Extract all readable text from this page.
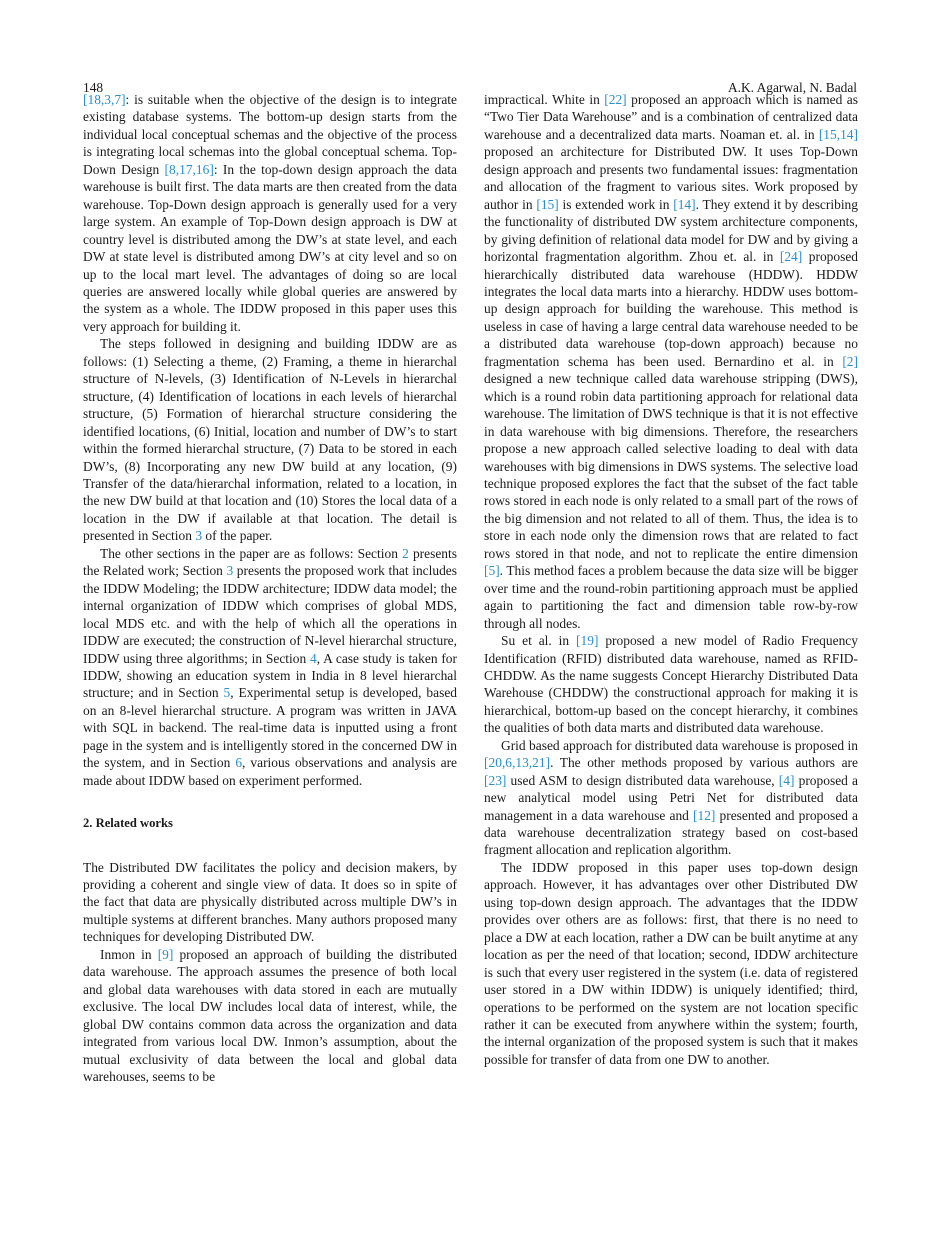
148	A.K. Agarwal, N. Badal

[18,3,7]: is suitable when the objective of the design is to integrate existing database systems. The bottom-up design starts from the individual local conceptual schemas and the objective of the process is integrating local schemas into the global conceptual schema. Top-Down Design [8,17,16]: In the top-down design approach the data warehouse is built first. The data marts are then created from the data warehouse. Top-Down design approach is generally used for a very large system. An example of Top-Down design approach is DW at country level is distributed among the DW’s at state level, and each DW at state level is distributed among DW’s at city level and so on up to the local mart level. The advantages of doing so are local queries are answered locally while global queries are answered by the system as a whole. The IDDW proposed in this paper uses this very approach for building it.

The steps followed in designing and building IDDW are as follows: (1) Selecting a theme, (2) Framing, a theme in hierarchal structure of N-levels, (3) Identification of N-Levels in hierarchal structure, (4) Identification of locations in each levels of hierarchal structure, (5) Formation of hierarchal structure considering the identified locations, (6) Initial, location and number of DW’s to start within the formed hierarchal structure, (7) Data to be stored in each DW’s, (8) Incorporating any new DW build at any location, (9) Transfer of the data/hierarchal information, related to a location, in the new DW build at that location and (10) Stores the local data of a location in the DW if available at that location. The detail is presented in Section 3 of the paper.

The other sections in the paper are as follows: Section 2 presents the Related work; Section 3 presents the proposed work that includes the IDDW Modeling; the IDDW architecture; IDDW data model; the internal organization of IDDW which comprises of global MDS, local MDS etc. and with the help of which all the operations in IDDW are executed; the construction of N-level hierarchal structure, IDDW using three algorithms; in Section 4, A case study is taken for IDDW, showing an education system in India in 8 level hierarchal structure; and in Section 5, Experimental setup is developed, based on an 8-level hierarchal structure. A program was written in JAVA with SQL in backend. The real-time data is inputted using a front page in the system and is intelligently stored in the concerned DW in the system, and in Section 6, various observations and analysis are made about IDDW based on experiment performed.

2. Related works

The Distributed DW facilitates the policy and decision makers, by providing a coherent and single view of data. It does so in spite of the fact that data are physically distributed across multiple DW’s in multiple systems at different branches. Many authors proposed many techniques for developing Distributed DW.

Inmon in [9] proposed an approach of building the distributed data warehouse. The approach assumes the presence of both local and global data warehouses with data stored in each are mutually exclusive. The local DW includes local data of interest, while, the global DW contains common data across the organization and data integrated from various local DW. Inmon’s assumption, about the mutual exclusivity of data between the local and global data warehouses, seems to be

impractical. White in [22] proposed an approach which is named as “Two Tier Data Warehouse” and is a combination of centralized data warehouse and a decentralized data marts. Noaman et. al. in [15,14] proposed an architecture for Distributed DW. It uses Top-Down design approach and presents two fundamental issues: fragmentation and allocation of the fragment to various sites. Work proposed by author in [15] is extended work in [14]. They extend it by describing the functionality of distributed DW system architecture components, by giving definition of relational data model for DW and by giving a horizontal fragmentation algorithm. Zhou et. al. in [24] proposed hierarchically distributed data warehouse (HDDW). HDDW integrates the local data marts into a hierarchy. HDDW uses bottom-up design approach for building the warehouse. This method is useless in case of having a large central data warehouse needed to be a distributed data warehouse (top-down approach) because no fragmentation schema has been used. Bernardino et al. in [2] designed a new technique called data warehouse stripping (DWS), which is a round robin data partitioning approach for relational data warehouse. The limitation of DWS technique is that it is not effective in data warehouse with big dimensions. Therefore, the researchers propose a new approach called selective loading to deal with data warehouses with big dimensions in DWS systems. The selective load technique proposed explores the fact that the subset of the fact table rows stored in each node is only related to a small part of the rows of the big dimension and not related to all of them. Thus, the idea is to store in each node only the dimension rows that are related to fact rows stored in that node, and not to replicate the entire dimension [5]. This method faces a problem because the data size will be bigger over time and the round-robin partitioning approach must be applied again to partitioning the fact and dimension table row-by-row through all nodes.

Su et al. in [19] proposed a new model of Radio Frequency Identification (RFID) distributed data warehouse, named as RFID-CHDDW. As the name suggests Concept Hierarchy Distributed Data Warehouse (CHDDW) the constructional approach for making it is hierarchical, bottom-up based on the concept hierarchy, it combines the qualities of both data marts and distributed data warehouse.

Grid based approach for distributed data warehouse is proposed in [20,6,13,21]. The other methods proposed by various authors are [23] used ASM to design distributed data warehouse, [4] proposed a new analytical model using Petri Net for distributed data management in a data warehouse and [12] presented and proposed a data warehouse decentralization strategy based on cost-based fragment allocation and replication algorithm.

The IDDW proposed in this paper uses top-down design approach. However, it has advantages over other Distributed DW using top-down design approach. The advantages that the IDDW provides over others are as follows: first, that there is no need to place a DW at each location, rather a DW can be built anytime at any location as per the need of that location; second, IDDW architecture is such that every user registered in the system (i.e. data of registered user stored in a DW within IDDW) is uniquely identified; third, operations to be performed on the system are not location specific rather it can be executed from anywhere within the system; fourth, the internal organization of the proposed system is such that it makes possible for transfer of data from one DW to another.
